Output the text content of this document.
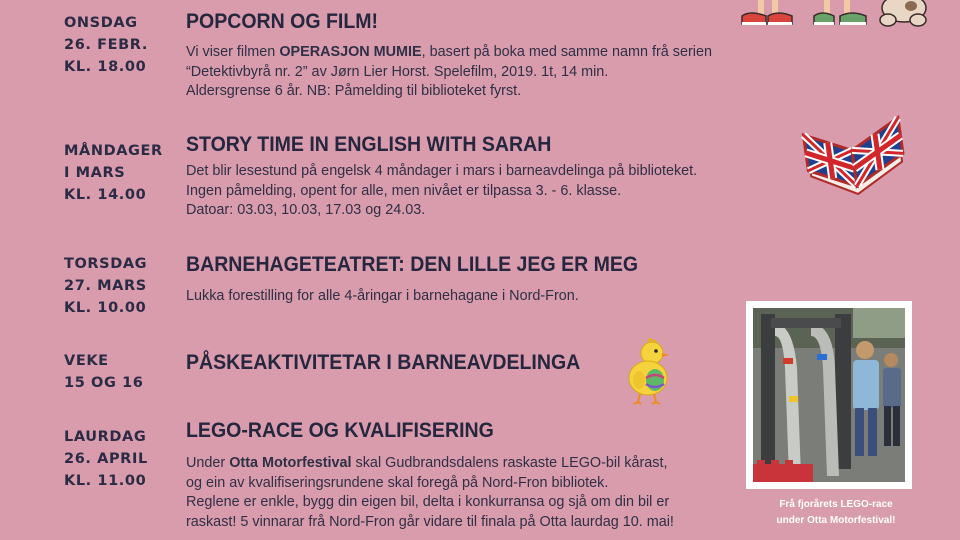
ONSDAG
26. FEBR.
KL. 18.00
POPCORN OG FILM!
Vi viser filmen OPERASJON MUMIE, basert på boka med samme namn frå serien
“Detektivbyrå nr. 2” av Jørn Lier Horst. Spelefilm, 2019. 1t, 14 min.
Aldersgrense 6 år. NB: Påmelding til biblioteket fyrst.
MÅNDAGER
I MARS
KL. 14.00
STORY TIME IN ENGLISH WITH SARAH
Det blir lesestund på engelsk 4 måndager i mars i barneavdelinga på biblioteket.
Ingen påmelding, opent for alle, men nivået er tilpassa 3. - 6. klasse.
Datoar: 03.03, 10.03, 17.03 og 24.03.
TORSDAG
27. MARS
KL. 10.00
BARNEHAGETEATRET: DEN LILLE JEG ER MEG
Lukka forestilling for alle 4-åringar i barnehagane i Nord-Fron.
VEKE
15 OG 16
PÅSKEAKTIVITETAR I BARNEAVDELINGA
LAURDAG
26. APRIL
KL. 11.00
LEGO-RACE OG KVALIFISERING
Under Otta Motorfestival skal Gudbrandsdalens raskaste LEGO-bil kårast,
og ein av kvalifiseringsrundene skal foregå på Nord-Fron bibliotek.
Reglene er enkle, bygg din eigen bil, delta i konkurransa og sjå om din bil er
raskast! 5 vinnarar frå Nord-Fron går vidare til finala på Otta laurdag 10. mai!
Frå fjorårets LEGO-race
under Otta Motorfestival!
